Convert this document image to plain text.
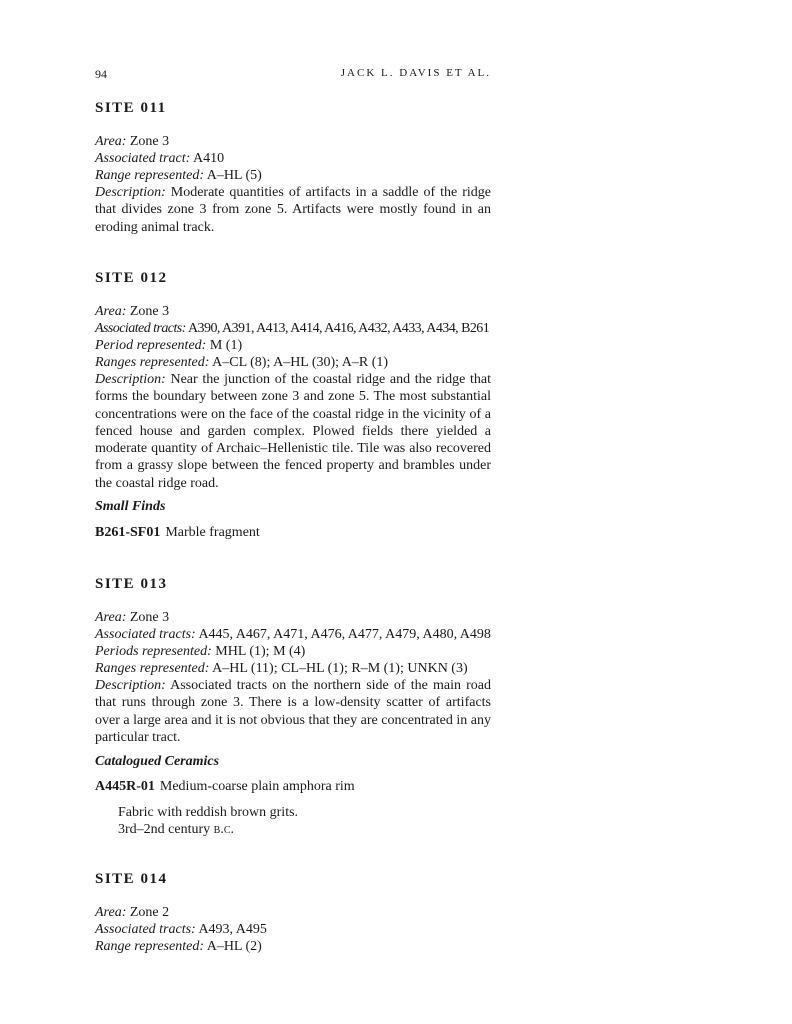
94	JACK L. DAVIS ET AL.
SITE 011

Area: Zone 3

Associated tract: A410

Range represented: A–HL (5)

Description: Moderate quantities of artifacts in a saddle of the ridge that divides zone 3 from zone 5. Artifacts were mostly found in an eroding animal track.

SITE 012

Area: Zone 3

Associated tracts: A390, A391, A413, A414, A416, A432, A433, A434, B261

Period represented: M (1)

Ranges represented: A–CL (8); A–HL (30); A–R (1)

Description: Near the junction of the coastal ridge and the ridge that forms the boundary between zone 3 and zone 5. The most substantial concentrations were on the face of the coastal ridge in the vicinity of a fenced house and garden complex. Plowed fields there yielded a moderate quantity of Archaic–Hellenistic tile. Tile was also recovered from a grassy slope between the fenced property and brambles under the coastal ridge road.

Small Finds

B261-SF01 Marble fragment

SITE 013

Area: Zone 3

Associated tracts: A445, A467, A471, A476, A477, A479, A480, A498

Periods represented: MHL (1); M (4)

Ranges represented: A–HL (11); CL–HL (1); R–M (1); UNKN (3)

Description: Associated tracts on the northern side of the main road that runs through zone 3. There is a low-density scatter of artifacts over a large area and it is not obvious that they are concentrated in any particular tract.

Catalogued Ceramics

A445R-01 Medium-coarse plain amphora rim

Fabric with reddish brown grits.

3rd–2nd century b.c.

SITE 014

Area: Zone 2

Associated tracts: A493, A495

Range represented: A–HL (2)
